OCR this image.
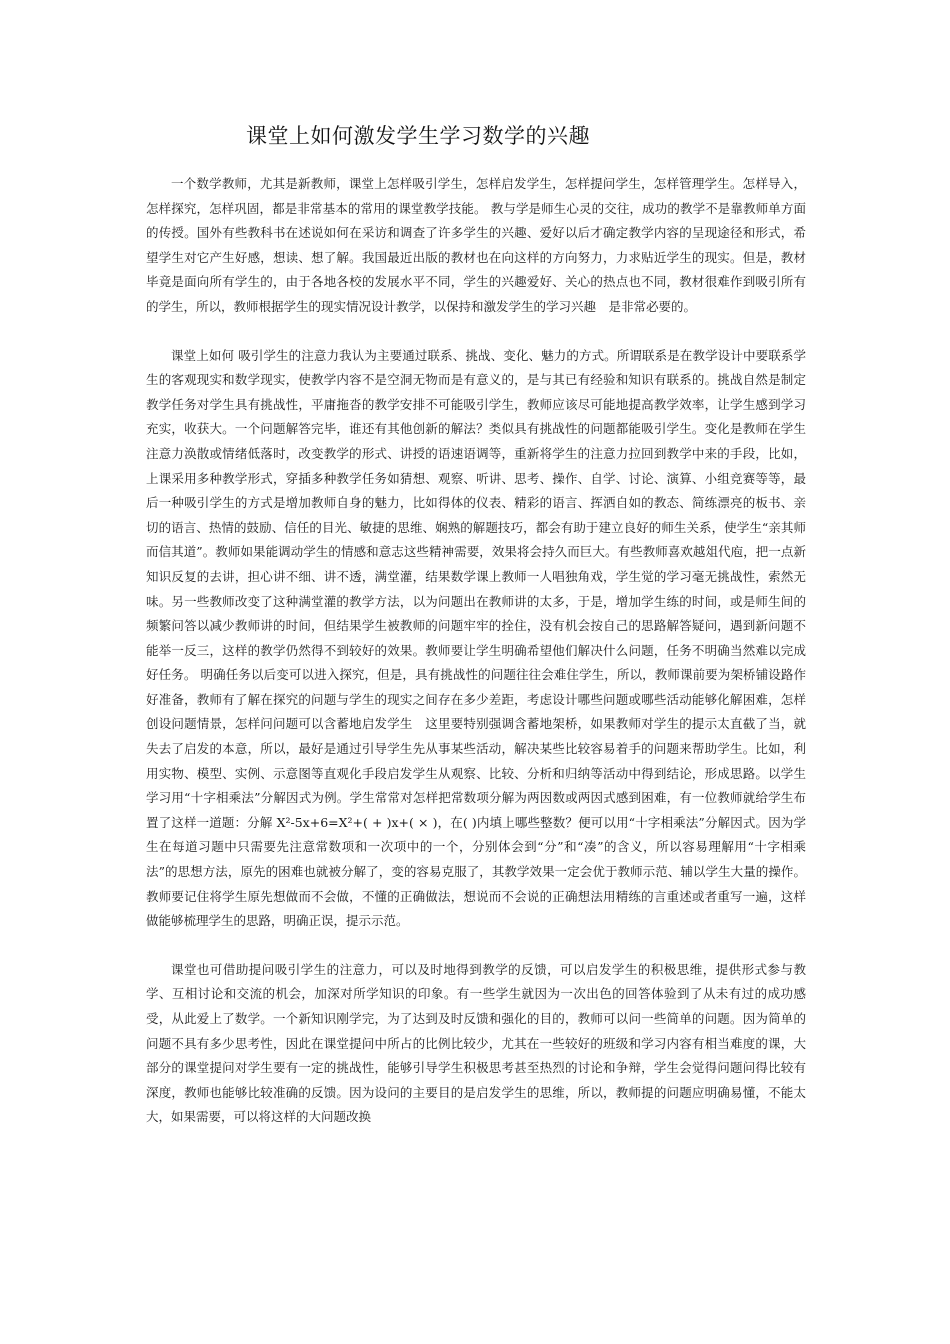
课堂上如何激发学生学习数学的兴趣

一个数学教师，尤其是新教师，课堂上怎样吸引学生，怎样启发学生，怎样提问学生，怎样管理学生。怎样导入，怎样探究，怎样巩固，都是非常基本的常用的课堂教学技能。 教与学是师生心灵的交往，成功的教学不是靠教师单方面的传授。国外有些教科书在述说如何在采访和调查了许多学生的兴趣、爱好以后才确定教学内容的呈现途径和形式，希望学生对它产生好感，想读、想了解。我国最近出版的教材也在向这样的方向努力，力求贴近学生的现实。但是，教材毕竟是面向所有学生的，由于各地各校的发展水平不同，学生的兴趣爱好、关心的热点也不同，教材很难作到吸引所有的学生，所以，教师根据学生的现实情况设计教学，以保持和激发学生的学习兴趣　是非常必要的。

课堂上如何 吸引学生的注意力我认为主要通过联系、挑战、变化、魅力的方式。所谓联系是在教学设计中要联系学生的客观现实和数学现实，使教学内容不是空洞无物而是有意义的，是与其已有经验和知识有联系的。挑战自然是制定教学任务对学生具有挑战性，平庸拖沓的教学安排不可能吸引学生，教师应该尽可能地提高教学效率，让学生感到学习充实，收获大。一个问题解答完毕，谁还有其他创新的解法？类似具有挑战性的问题都能吸引学生。变化是教师在学生注意力涣散或情绪低落时，改变教学的形式、讲授的语速语调等，重新将学生的注意力拉回到教学中来的手段，比如，上课采用多种教学形式，穿插多种教学任务如猜想、观察、听讲、思考、操作、自学、讨论、演算、小组竞赛等等，最后一种吸引学生的方式是增加教师自身的魅力，比如得体的仪表、精彩的语言、挥洒自如的教态、简练漂亮的板书、亲切的语言、热情的鼓励、信任的目光、敏捷的思维、娴熟的解题技巧，都会有助于建立良好的师生关系，使学生“亲其师而信其道”。教师如果能调动学生的情感和意志这些精神需要，效果将会持久而巨大。有些教师喜欢越俎代庖，把一点新知识反复的去讲，担心讲不细、讲不透，满堂灌，结果数学课上教师一人唱独角戏，学生觉的学习毫无挑战性，索然无味。另一些教师改变了这种满堂灌的教学方法，以为问题出在教师讲的太多，于是，增加学生练的时间，或是师生间的频繁问答以减少教师讲的时间，但结果学生被教师的问题牢牢的拴住，没有机会按自己的思路解答疑问，遇到新问题不能举一反三，这样的教学仍然得不到较好的效果。教师要让学生明确希望他们解决什么问题，任务不明确当然难以完成好任务。 明确任务以后变可以进入探究，但是，具有挑战性的问题往往会难住学生，所以，教师课前要为架桥铺设路作好准备，教师有了解在探究的问题与学生的现实之间存在多少差距，考虑设计哪些问题或哪些活动能够化解困难，怎样创设问题情景，怎样问问题可以含蓄地启发学生　这里要特别强调含蓄地架桥，如果教师对学生的提示太直截了当，就失去了启发的本意，所以，最好是通过引导学生先从事某些活动，解决某些比较容易着手的问题来帮助学生。比如，利用实物、模型、实例、示意图等直观化手段启发学生从观察、比较、分析和归纳等活动中得到结论，形成思路。以学生学习用“十字相乘法”分解因式为例。学生常常对怎样把常数项分解为两因数或两因式感到困难，有一位教师就给学生布置了这样一道题：分解 X²-5x+6=X²+( + )x+( × )，在( )内填上哪些整数？便可以用“十字相乘法”分解因式。因为学生在每道习题中只需要先注意常数项和一次项中的一个，分别体会到“分”和“凑”的含义，所以容易理解用“十字相乘法”的思想方法，原先的困难也就被分解了，变的容易克服了，其教学效果一定会优于教师示范、辅以学生大量的操作。教师要记住将学生原先想做而不会做，不懂的正确做法，想说而不会说的正确想法用精练的言重述或者重写一遍，这样做能够梳理学生的思路，明确正误，提示示范。

课堂也可借助提问吸引学生的注意力，可以及时地得到教学的反馈，可以启发学生的积极思维，提供形式参与教学、互相讨论和交流的机会，加深对所学知识的印象。有一些学生就因为一次出色的回答体验到了从未有过的成功感受，从此爱上了数学。一个新知识刚学完，为了达到及时反馈和强化的目的，教师可以问一些简单的问题。因为简单的问题不具有多少思考性，因此在课堂提问中所占的比例比较少，尤其在一些较好的班级和学习内容有相当难度的课，大部分的课堂提问对学生要有一定的挑战性，能够引导学生积极思考甚至热烈的讨论和争辩，学生会觉得问题问得比较有深度，教师也能够比较准确的反馈。因为设问的主要目的是启发学生的思维，所以，教师提的问题应明确易懂，不能太大，如果需要，可以将这样的大问题改换
